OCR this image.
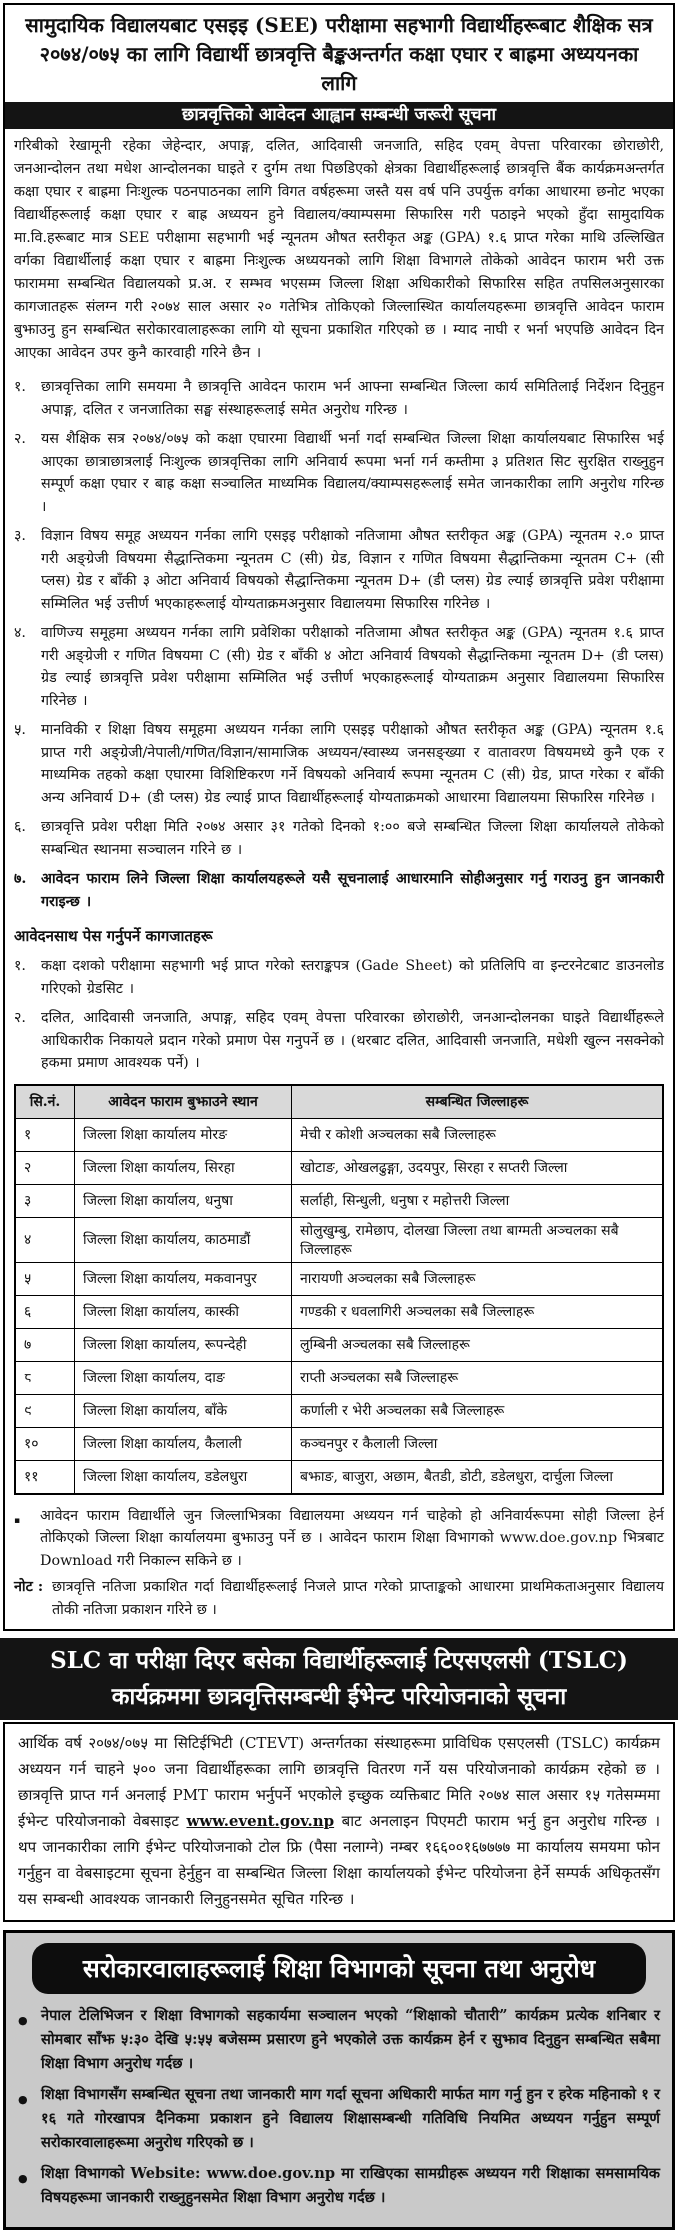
सामुदायिक विद्यालयबाट एसइइ (SEE) परीक्षामा सहभागी विद्यार्थीहरूबाट शैक्षिक सत्र २०७४/०७५ का लागि विद्यार्थी छात्रवृत्ति बैङ्कअन्तर्गत कक्षा एघार र बाह्रमा अध्ययनका लागि
छात्रवृत्तिको आवेदन आह्वान सम्बन्धी जरूरी सूचना
गरिबीको रेखामूनी रहेका जेहेन्दार, अपाङ्ग, दलित, आदिवासी जनजाति, सहिद एवम् वेपत्ता परिवारका छोराछोरी, जनआन्दोलन तथा मधेश आन्दोलनका घाइते र दुर्गम तथा पिछडिएको क्षेत्रका विद्यार्थीहरूलाई छात्रवृत्ति बैंक कार्यक्रमअन्तर्गत कक्षा एघार र बाह्रमा निःशुल्क पठनपाठनका लागि विगत वर्षहरूमा जस्तै यस वर्ष पनि उपर्युक्त वर्गका आधारमा छनोट भएका विद्यार्थीहरूलाई कक्षा एघार र बाह्र अध्ययन हुने विद्यालय/क्याम्पसमा सिफारिस गरी पठाइने भएको हुँदा सामुदायिक मा.वि.हरूबाट मात्र SEE परीक्षामा सहभागी भई न्यूनतम औषत स्तरीकृत अङ्क (GPA) १.६ प्राप्त गरेका माथि उल्लिखित वर्गका विद्यार्थीलाई कक्षा एघार र बाह्रमा निःशुल्क अध्ययनको लागि शिक्षा विभागले तोकेको आवेदन फाराम भरी उक्त फाराममा सम्बन्धित विद्यालयको प्र.अ. र सम्भव भएसम्म जिल्ला शिक्षा अधिकारीको सिफारिस सहित तपसिलअनुसारका कागजातहरू संलग्न गरी २०७४ साल असार २० गतेभित्र तोकिएको जिल्लास्थित कार्यालयहरूमा छात्रवृत्ति आवेदन फाराम बुझाउनु हुन सम्बन्धित सरोकारवालाहरूका लागि यो सूचना प्रकाशित गरिएको छ । म्याद नाघी र भर्ना भएपछि आवेदन दिन आएका आवेदन उपर कुनै कारवाही गरिने छैन ।
१.	छात्रवृत्तिका लागि समयमा नै छात्रवृत्ति आवेदन फाराम भर्न आफ्ना सम्बन्धित जिल्ला कार्य समितिलाई निर्देशन दिनुहुन अपाङ्ग, दलित र जनजातिका सङ्घ संस्थाहरूलाई समेत अनुरोध गरिन्छ ।
२.	यस शैक्षिक सत्र २०७४/०७५ को कक्षा एघारमा विद्यार्थी भर्ना गर्दा सम्बन्धित जिल्ला शिक्षा कार्यालयबाट सिफारिस भई आएका छात्राछात्रलाई निःशुल्क छात्रवृत्तिका लागि अनिवार्य रूपमा भर्ना गर्न कम्तीमा ३ प्रतिशत सिट सुरक्षित राख्नुहुन सम्पूर्ण कक्षा एघार र बाह्र कक्षा सञ्चालित माध्यमिक विद्यालय/क्याम्पसहरूलाई समेत जानकारीका लागि अनुरोध गरिन्छ ।
३.	विज्ञान विषय समूह अध्ययन गर्नका लागि एसइइ परीक्षाको नतिजामा औषत स्तरीकृत अङ्क (GPA) न्यूनतम २.० प्राप्त गरी अङ्ग्रेजी विषयमा सैद्धान्तिकमा न्यूनतम C (सी) ग्रेड, विज्ञान र गणित विषयमा सैद्धान्तिकमा न्यूनतम C+ (सी प्लस) ग्रेड र बाँकी ३ ओटा अनिवार्य विषयको सैद्धान्तिकमा न्यूनतम D+ (डी प्लस) ग्रेड ल्याई छात्रवृत्ति प्रवेश परीक्षामा सम्मिलित भई उत्तीर्ण भएकाहरूलाई योग्यताक्रमअनुसार विद्यालयमा सिफारिस गरिनेछ ।
४.	वाणिज्य समूहमा अध्ययन गर्नका लागि प्रवेशिका परीक्षाको नतिजामा औषत स्तरीकृत अङ्क (GPA) न्यूनतम १.६ प्राप्त गरी अङ्ग्रेजी र गणित विषयमा C (सी) ग्रेड र बाँकी ४ ओटा अनिवार्य विषयको सैद्धान्तिकमा न्यूनतम D+ (डी प्लस) ग्रेड ल्याई छात्रवृत्ति प्रवेश परीक्षामा सम्मिलित भई उत्तीर्ण भएकाहरूलाई योग्यताक्रम अनुसार विद्यालयमा सिफारिस गरिनेछ ।
५.	मानविकी र शिक्षा विषय समूहमा अध्ययन गर्नका लागि एसइइ परीक्षाको औषत स्तरीकृत अङ्क (GPA) न्यूनतम १.६ प्राप्त गरी अङ्ग्रेजी/नेपाली/गणित/विज्ञान/सामाजिक अध्ययन/स्वास्थ्य जनसङ्ख्या र वातावरण विषयमध्ये कुनै एक र माध्यमिक तहको कक्षा एघारमा विशिष्टिकरण गर्ने विषयको अनिवार्य रूपमा न्यूनतम C (सी) ग्रेड, प्राप्त गरेका र बाँकी अन्य अनिवार्य D+ (डी प्लस) ग्रेड ल्याई प्राप्त विद्यार्थीहरूलाई योग्यताक्रमको आधारमा विद्यालयमा सिफारिस गरिनेछ ।
६.	छात्रवृत्ति प्रवेश परीक्षा मिति २०७४ असार ३१ गतेको दिनको १:०० बजे सम्बन्धित जिल्ला शिक्षा कार्यालयले तोकेको सम्बन्धित स्थानमा सञ्चालन गरिने छ ।
७.	आवेदन फाराम लिने जिल्ला शिक्षा कार्यालयहरूले यसै सूचनालाई आधारमानि सोहीअनुसार गर्नु गराउनु हुन जानकारी गराइन्छ ।
आवेदनसाथ पेस गर्नुपर्ने कागजातहरू
१.	कक्षा दशको परीक्षामा सहभागी भई प्राप्त गरेको स्तराङ्कपत्र (Gade Sheet) को प्रतिलिपि वा इन्टरनेटबाट डाउनलोड गरिएको ग्रेडसिट ।
२.	दलित, आदिवासी जनजाति, अपाङ्ग, सहिद एवम् वेपत्ता परिवारका छोराछोरी, जनआन्दोलनका घाइते विद्यार्थीहरूले आधिकारीक निकायले प्रदान गरेको प्रमाण पेस गनुपर्ने छ । (थरबाट दलित, आदिवासी जनजाति, मधेशी खुल्न नसक्नेको हकमा प्रमाण आवश्यक पर्ने) ।
सि.नं.	आवेदन फाराम बुझाउने स्थान	सम्बन्धित जिल्लाहरू
१	जिल्ला शिक्षा कार्यालय मोरङ	मेची र कोशी अञ्चलका सबै जिल्लाहरू
२	जिल्ला शिक्षा कार्यालय, सिरहा	खोटाङ, ओखलढुङ्गा, उदयपुर, सिरहा र सप्तरी जिल्ला
३	जिल्ला शिक्षा कार्यालय, धनुषा	सर्लाही, सिन्धुली, धनुषा र महोत्तरी जिल्ला
४	जिल्ला शिक्षा कार्यालय, काठमाडौं	सोलुखुम्बु, रामेछाप, दोलखा जिल्ला तथा बाग्मती अञ्चलका सबै जिल्लाहरू
५	जिल्ला शिक्षा कार्यालय, मकवानपुर	नारायणी अञ्चलका सबै जिल्लाहरू
६	जिल्ला शिक्षा कार्यालय, कास्की	गण्डकी र धवलागिरी अञ्चलका सबै जिल्लाहरू
७	जिल्ला शिक्षा कार्यालय, रूपन्देही	लुम्बिनी अञ्चलका सबै जिल्लाहरू
८	जिल्ला शिक्षा कार्यालय, दाङ	राप्ती अञ्चलका सबै जिल्लाहरू
९	जिल्ला शिक्षा कार्यालय, बाँके	कर्णाली र भेरी अञ्चलका सबै जिल्लाहरू
१०	जिल्ला शिक्षा कार्यालय, कैलाली	कञ्चनपुर र कैलाली जिल्ला
११	जिल्ला शिक्षा कार्यालय, डडेलधुरा	बझाङ, बाजुरा, अछाम, बैतडी, डोटी, डडेलधुरा, दार्चुला जिल्ला
▪	आवेदन फाराम विद्यार्थीले जुन जिल्लाभित्रका विद्यालयमा अध्ययन गर्न चाहेको हो अनिवार्यरूपमा सोही जिल्ला हेर्न तोकिएको जिल्ला शिक्षा कार्यालयमा बुझाउनु पर्ने छ । आवेदन फाराम शिक्षा विभागको www.doe.gov.np भित्रबाट Download गरी निकाल्न सकिने छ ।
नोट : छात्रवृत्ति नतिजा प्रकाशित गर्दा विद्यार्थीहरूलाई निजले प्राप्त गरेको प्राप्ताङ्कको आधारमा प्राथमिकताअनुसार विद्यालय तोकी नतिजा प्रकाशन गरिने छ ।
SLC वा परीक्षा दिएर बसेका विद्यार्थीहरूलाई टिएसएलसी (TSLC)
कार्यक्रममा छात्रवृत्तिसम्बन्धी ईभेन्ट परियोजनाको सूचना
आर्थिक वर्ष २०७४/०७५ मा सिटिईभिटी (CTEVT) अन्तर्गतका संस्थाहरूमा प्राविधिक एसएलसी (TSLC) कार्यक्रम अध्ययन गर्न चाहने ५०० जना विद्यार्थीहरूका लागि छात्रवृत्ति वितरण गर्ने यस परियोजनाको कार्यक्रम रहेको छ । छात्रवृत्ति प्राप्त गर्न अनलाई PMT फाराम भर्नुपर्ने भएकोले इच्छुक व्यक्तिबाट मिति २०७४ साल असार १५ गतेसम्ममा ईभेन्ट परियोजनाको वेबसाइट www.event.gov.np बाट अनलाइन पिएमटी फाराम भर्नु हुन अनुरोध गरिन्छ । थप जानकारीका लागि ईभेन्ट परियोजनाको टोल फ्रि (पैसा नलाग्ने) नम्बर १६६००१६७७७७ मा कार्यालय समयमा फोन गर्नुहुन वा वेबसाइटमा सूचना हेर्नुहुन वा सम्बन्धित जिल्ला शिक्षा कार्यालयको ईभेन्ट परियोजना हेर्ने सम्पर्क अधिकृतसँग यस सम्बन्धी आवश्यक जानकारी लिनुहुनसमेत सूचित गरिन्छ ।
सरोकारवालाहरूलाई शिक्षा विभागको सूचना तथा अनुरोध
● नेपाल टेलिभिजन र शिक्षा विभागको सहकार्यमा सञ्चालन भएको “शिक्षाको चौतारी” कार्यक्रम प्रत्येक शनिबार र सोमबार साँझ ५:३० देखि ५:५५ बजेसम्म प्रसारण हुने भएकोले उक्त कार्यक्रम हेर्न र सुझाव दिनुहुन सम्बन्धित सबैमा शिक्षा विभाग अनुरोध गर्दछ ।
● शिक्षा विभागसँग सम्बन्धित सूचना तथा जानकारी माग गर्दा सूचना अधिकारी मार्फत माग गर्नु हुन र हरेक महिनाको १ र १६ गते गोरखापत्र दैनिकमा प्रकाशन हुने विद्यालय शिक्षासम्बन्धी गतिविधि नियमित अध्ययन गर्नुहुन सम्पूर्ण सरोकारवालाहरूमा अनुरोध गरिएको छ ।
● शिक्षा विभागको Website: www.doe.gov.np मा राखिएका सामग्रीहरू अध्ययन गरी शिक्षाका समसामयिक विषयहरूमा जानकारी राख्नुहुनसमेत शिक्षा विभाग अनुरोध गर्दछ ।
